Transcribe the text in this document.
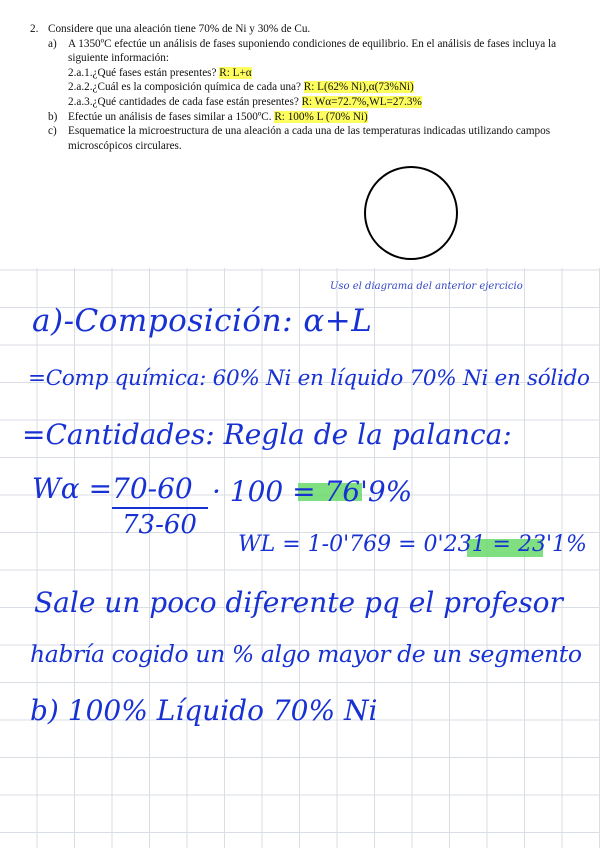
2. Considere que una aleación tiene 70% de Ni y 30% de Cu.
a)	A 1350ºC efectúe un análisis de fases suponiendo condiciones de equilibrio. En el análisis de fases incluya la siguiente información:
2.a.1.¿Qué fases están presentes? R: L+α
2.a.2.¿Cuál es la composición química de cada una? R: L(62% Ni),α(73%Ni)
2.a.3.¿Qué cantidades de cada fase están presentes? R: Wα=72.7%,WL=27.3%
b) Efectúe un análisis de fases similar a 1500ºC. R: 100% L (70% Ni)
c)	Esquematice la microestructura de una aleación a cada una de las temperaturas indicadas utilizando campos microscópicos circulares.
Uso el diagrama del anterior ejercicio
a)-Composición: α+L
=Comp química: 60% Ni en líquido 70% Ni en sólido
=Cantidades: Regla de la palanca:
Wα = 70-60
73-60
· 100 = 76'9%
WL = 1-0'769 = 0'231 = 23'1%
Sale un poco diferente pq el profesor
habría cogido un % algo mayor de un segmento
b) 100% Líquido 70% Ni
